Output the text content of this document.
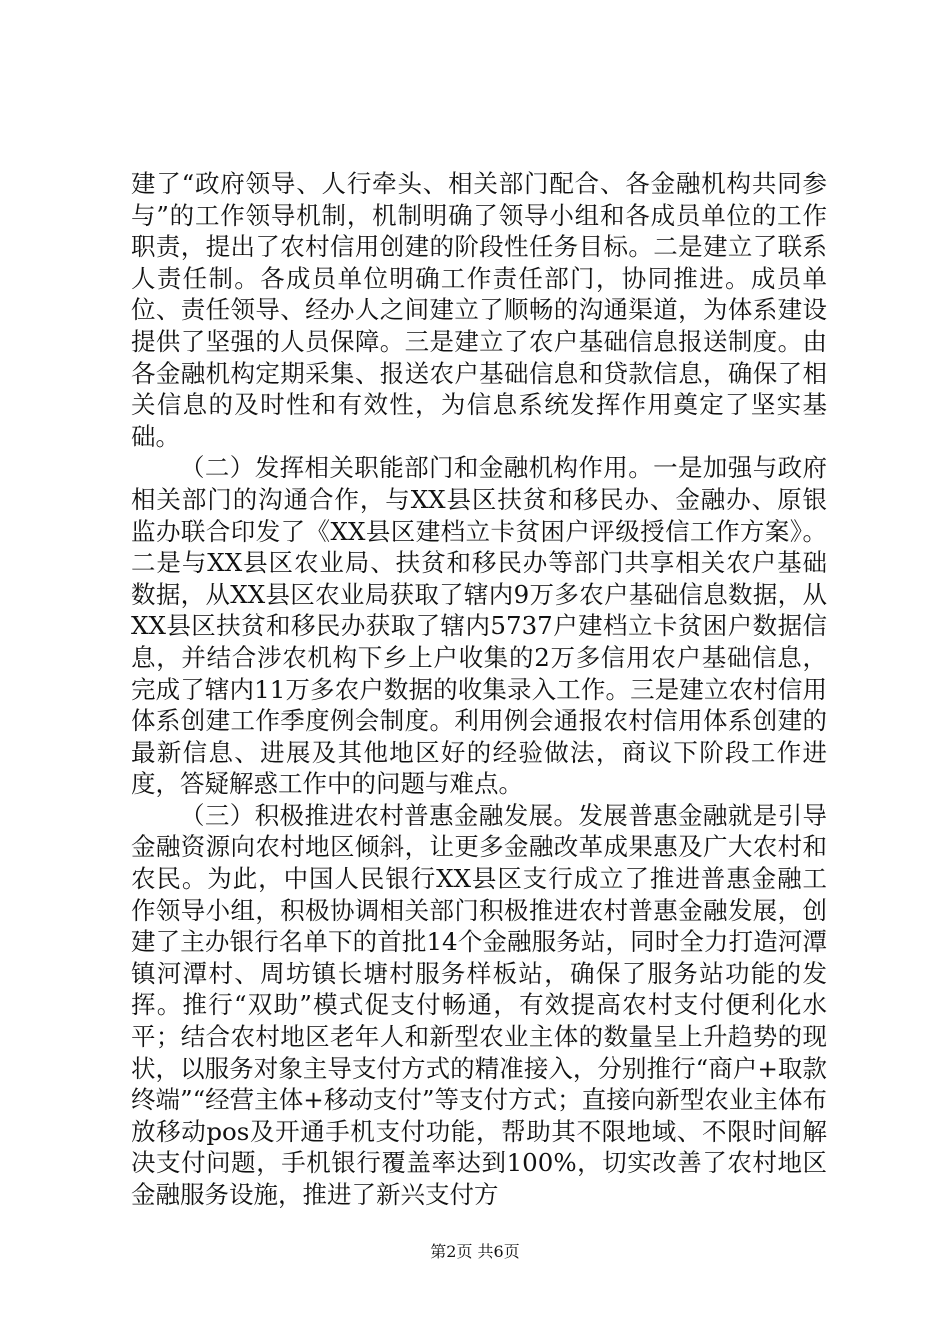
建了“政府领导、人行牵头、相关部门配合、各金融机构共同参与”的工作领导机制，机制明确了领导小组和各成员单位的工作职责，提出了农村信用创建的阶段性任务目标。二是建立了联系人责任制。各成员单位明确工作责任部门，协同推进。成员单位、责任领导、经办人之间建立了顺畅的沟通渠道，为体系建设提供了坚强的人员保障。三是建立了农户基础信息报送制度。由各金融机构定期采集、报送农户基础信息和贷款信息，确保了相关信息的及时性和有效性，为信息系统发挥作用奠定了坚实基础。

（二）发挥相关职能部门和金融机构作用。一是加强与政府相关部门的沟通合作，与XX县区扶贫和移民办、金融办、原银监办联合印发了《XX县区建档立卡贫困户评级授信工作方案》。二是与XX县区农业局、扶贫和移民办等部门共享相关农户基础数据，从XX县区农业局获取了辖内9万多农户基础信息数据，从XX县区扶贫和移民办获取了辖内5737户建档立卡贫困户数据信息，并结合涉农机构下乡上户收集的2万多信用农户基础信息，完成了辖内11万多农户数据的收集录入工作。三是建立农村信用体系创建工作季度例会制度。利用例会通报农村信用体系创建的最新信息、进展及其他地区好的经验做法，商议下阶段工作进度，答疑解惑工作中的问题与难点。

（三）积极推进农村普惠金融发展。发展普惠金融就是引导金融资源向农村地区倾斜，让更多金融改革成果惠及广大农村和农民。为此，中国人民银行XX县区支行成立了推进普惠金融工作领导小组，积极协调相关部门积极推进农村普惠金融发展，创建了主办银行名单下的首批14个金融服务站，同时全力打造河潭镇河潭村、周坊镇长塘村服务样板站，确保了服务站功能的发挥。推行“双助”模式促支付畅通，有效提高农村支付便利化水平；结合农村地区老年人和新型农业主体的数量呈上升趋势的现状，以服务对象主导支付方式的精准接入，分别推行“商户+取款终端”“经营主体+移动支付”等支付方式；直接向新型农业主体布放移动pos及开通手机支付功能，帮助其不限地域、不限时间解决支付问题，手机银行覆盖率达到100%，切实改善了农村地区金融服务设施，推进了新兴支付方

第2页 共6页
